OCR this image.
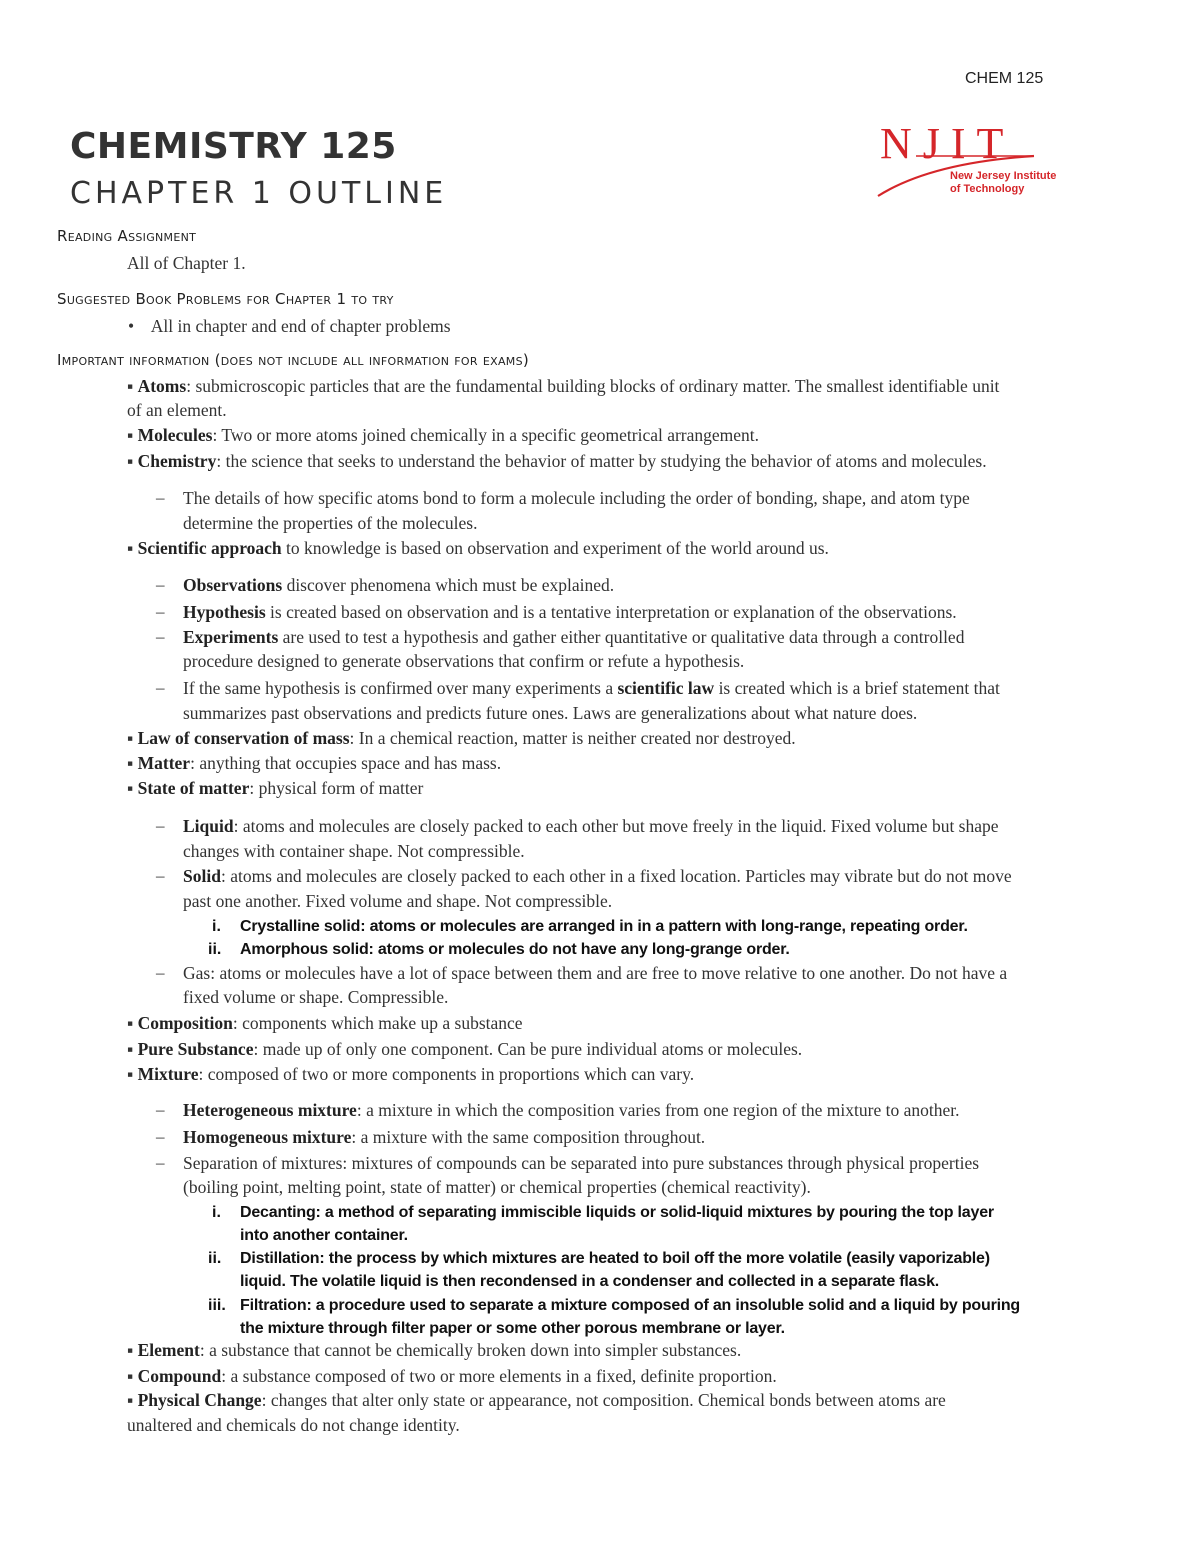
CHEM 125
CHEMISTRY 125
CHAPTER 1 OUTLINE
NJIT
New Jersey Institute
of Technology
Reading Assignment
All of Chapter 1.
Suggested Book Problems for Chapter 1 to try
• All in chapter and end of chapter problems
Important information (does not include all information for exams)
▪ Atoms: submicroscopic particles that are the fundamental building blocks of ordinary matter. The smallest identifiable unit
of an element.
▪ Molecules: Two or more atoms joined chemically in a specific geometrical arrangement.
▪ Chemistry: the science that seeks to understand the behavior of matter by studying the behavior of atoms and molecules.
– The details of how specific atoms bond to form a molecule including the order of bonding, shape, and atom type
determine the properties of the molecules.
▪ Scientific approach to knowledge is based on observation and experiment of the world around us.
– Observations discover phenomena which must be explained.
– Hypothesis is created based on observation and is a tentative interpretation or explanation of the observations.
– Experiments are used to test a hypothesis and gather either quantitative or qualitative data through a controlled
procedure designed to generate observations that confirm or refute a hypothesis.
– If the same hypothesis is confirmed over many experiments a scientific law is created which is a brief statement that
summarizes past observations and predicts future ones. Laws are generalizations about what nature does.
▪ Law of conservation of mass: In a chemical reaction, matter is neither created nor destroyed.
▪ Matter: anything that occupies space and has mass.
▪ State of matter: physical form of matter
– Liquid: atoms and molecules are closely packed to each other but move freely in the liquid. Fixed volume but shape
changes with container shape. Not compressible.
– Solid: atoms and molecules are closely packed to each other in a fixed location. Particles may vibrate but do not move
past one another. Fixed volume and shape. Not compressible.
i. Crystalline solid: atoms or molecules are arranged in in a pattern with long-range, repeating order.
ii. Amorphous solid: atoms or molecules do not have any long-grange order.
– Gas: atoms or molecules have a lot of space between them and are free to move relative to one another. Do not have a
fixed volume or shape. Compressible.
▪ Composition: components which make up a substance
▪ Pure Substance: made up of only one component. Can be pure individual atoms or molecules.
▪ Mixture: composed of two or more components in proportions which can vary.
– Heterogeneous mixture: a mixture in which the composition varies from one region of the mixture to another.
– Homogeneous mixture: a mixture with the same composition throughout.
– Separation of mixtures: mixtures of compounds can be separated into pure substances through physical properties
(boiling point, melting point, state of matter) or chemical properties (chemical reactivity).
i. Decanting: a method of separating immiscible liquids or solid-liquid mixtures by pouring the top layer
into another container.
ii. Distillation: the process by which mixtures are heated to boil off the more volatile (easily vaporizable)
liquid. The volatile liquid is then recondensed in a condenser and collected in a separate flask.
iii. Filtration: a procedure used to separate a mixture composed of an insoluble solid and a liquid by pouring
the mixture through filter paper or some other porous membrane or layer.
▪ Element: a substance that cannot be chemically broken down into simpler substances.
▪ Compound: a substance composed of two or more elements in a fixed, definite proportion.
▪ Physical Change: changes that alter only state or appearance, not composition. Chemical bonds between atoms are
unaltered and chemicals do not change identity.
